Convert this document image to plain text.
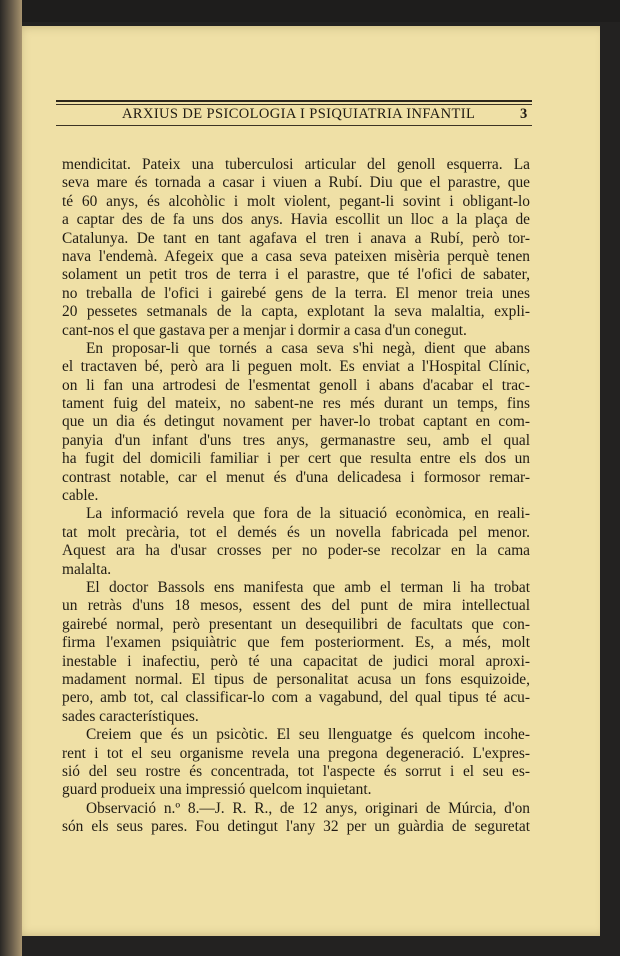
ARXIUS DE PSICOLOGIA I PSIQUIATRIA INFANTIL	3
mendicitat. Pateix una tuberculosi articular del genoll esquerra. La
seva mare és tornada a casar i viuen a Rubí. Diu que el parastre, que
té 60 anys, és alcohòlic i molt violent, pegant-li sovint i obligant-lo
a captar des de fa uns dos anys. Havia escollit un lloc a la plaça de
Catalunya. De tant en tant agafava el tren i anava a Rubí, però tor-
nava l'endemà. Afegeix que a casa seva pateixen misèria perquè tenen
solament un petit tros de terra i el parastre, que té l'ofici de sabater,
no treballa de l'ofici i gairebé gens de la terra. El menor treia unes
20 pessetes setmanals de la capta, explotant la seva malaltia, expli-
cant-nos el que gastava per a menjar i dormir a casa d'un conegut.
En proposar-li que tornés a casa seva s'hi negà, dient que abans
el tractaven bé, però ara li peguen molt. Es enviat a l'Hospital Clínic,
on li fan una artrodesi de l'esmentat genoll i abans d'acabar el trac-
tament fuig del mateix, no sabent-ne res més durant un temps, fins
que un dia és detingut novament per haver-lo trobat captant en com-
panyia d'un infant d'uns tres anys, germanastre seu, amb el qual
ha fugit del domicili familiar i per cert que resulta entre els dos un
contrast notable, car el menut és d'una delicadesa i formosor remar-
cable.
La informació revela que fora de la situació econòmica, en reali-
tat molt precària, tot el demés és un novella fabricada pel menor.
Aquest ara ha d'usar crosses per no poder-se recolzar en la cama
malalta.
El doctor Bassols ens manifesta que amb el terman li ha trobat
un retràs d'uns 18 mesos, essent des del punt de mira intellectual
gairebé normal, però presentant un desequilibri de facultats que con-
firma l'examen psiquiàtric que fem posteriorment. Es, a més, molt
inestable i inafectiu, però té una capacitat de judici moral aproxi-
madament normal. El tipus de personalitat acusa un fons esquizoide,
pero, amb tot, cal classificar-lo com a vagabund, del qual tipus té acu-
sades característiques.
Creiem que és un psicòtic. El seu llenguatge és quelcom incohe-
rent i tot el seu organisme revela una pregona degeneració. L'expres-
sió del seu rostre és concentrada, tot l'aspecte és sorrut i el seu es-
guard produeix una impressió quelcom inquietant.
Observació n.º 8.—J. R. R., de 12 anys, originari de Múrcia, d'on
són els seus pares. Fou detingut l'any 32 per un guàrdia de seguretat
